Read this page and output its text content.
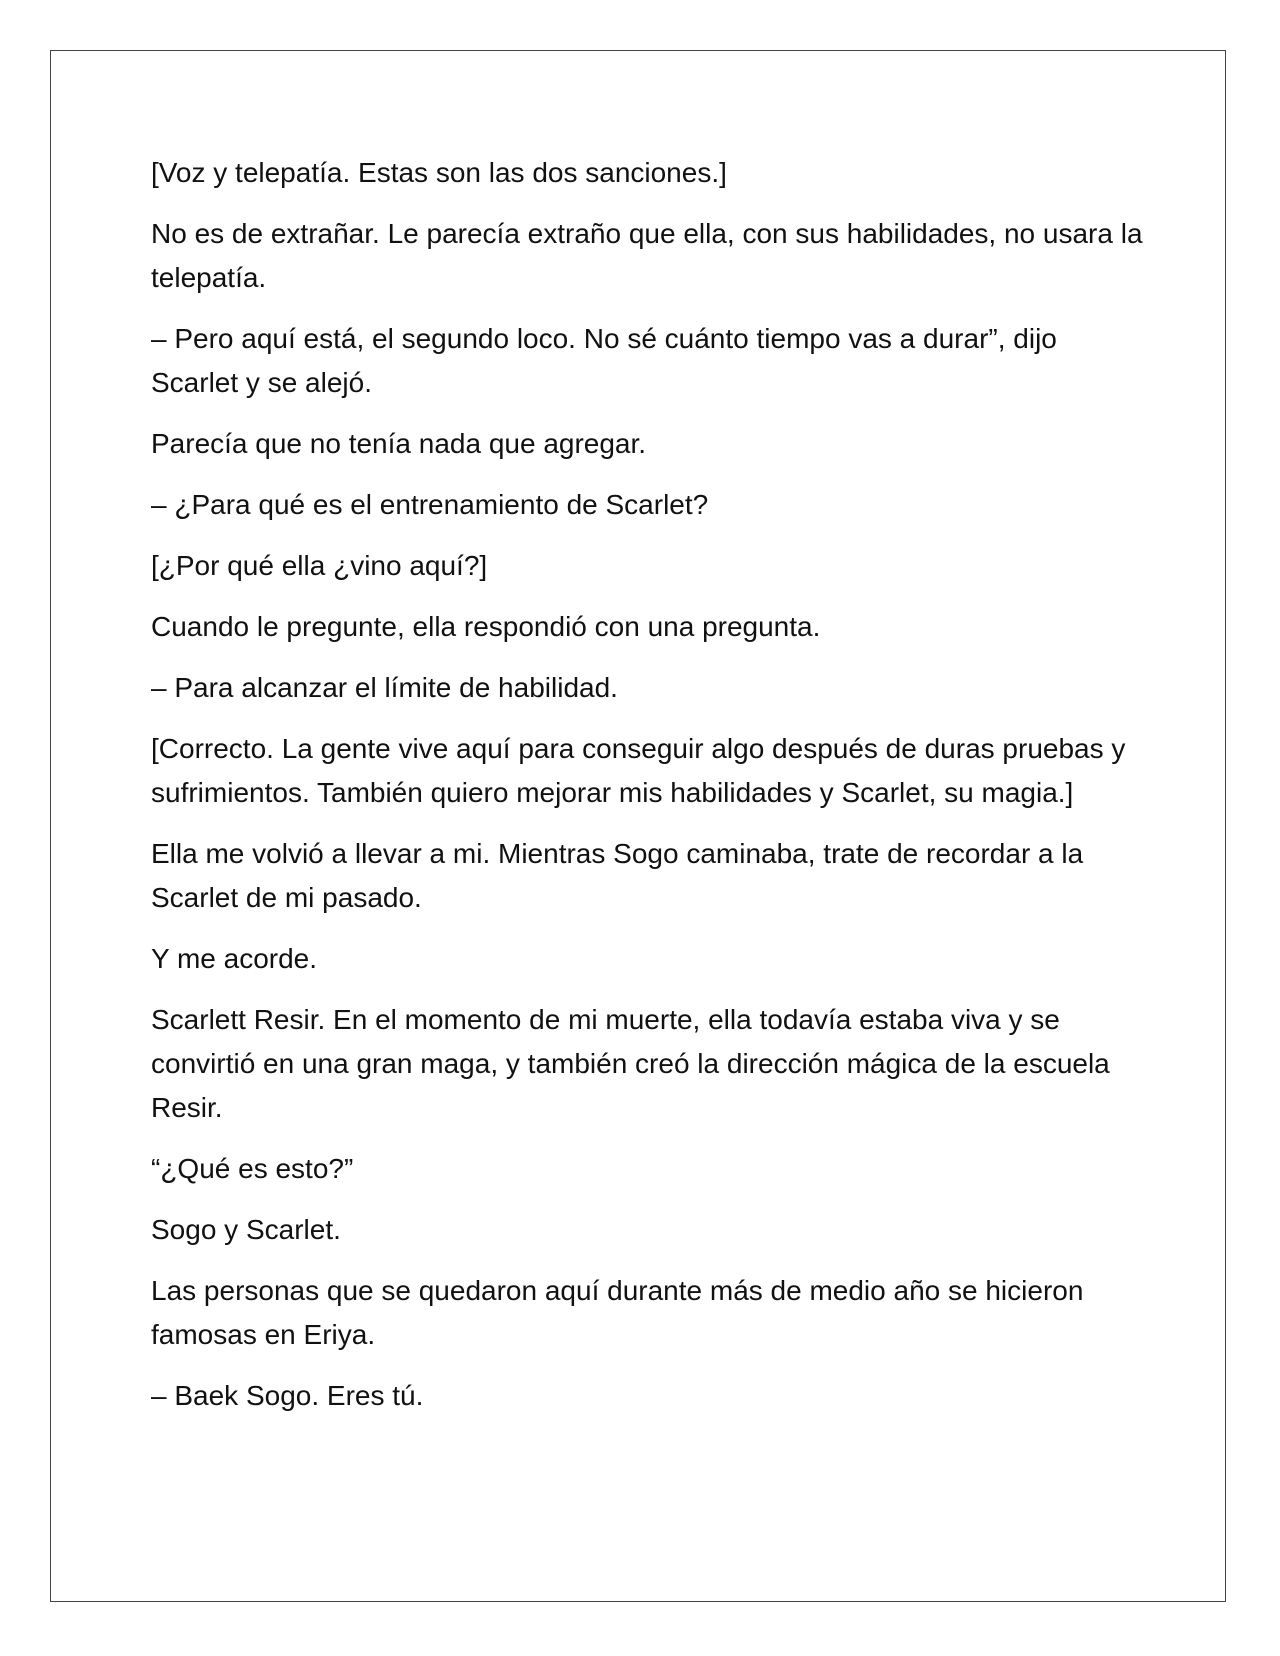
[Voz y telepatía. Estas son las dos sanciones.]

No es de extrañar. Le parecía extraño que ella, con sus habilidades, no usara la telepatía.

– Pero aquí está, el segundo loco. No sé cuánto tiempo vas a durar”, dijo Scarlet y se alejó.

Parecía que no tenía nada que agregar.

– ¿Para qué es el entrenamiento de Scarlet?

[¿Por qué ella ¿vino aquí?]

Cuando le pregunte, ella respondió con una pregunta.

– Para alcanzar el límite de habilidad.

[Correcto. La gente vive aquí para conseguir algo después de duras pruebas y sufrimientos. También quiero mejorar mis habilidades y Scarlet, su magia.]

Ella me volvió a llevar a mi. Mientras Sogo caminaba, trate de recordar a la Scarlet de mi pasado.

Y me acorde.

Scarlett Resir. En el momento de mi muerte, ella todavía estaba viva y se convirtió en una gran maga, y también creó la dirección mágica de la escuela Resir.

“¿Qué es esto?”

Sogo y Scarlet.

Las personas que se quedaron aquí durante más de medio año se hicieron famosas en Eriya.

– Baek Sogo. Eres tú.
